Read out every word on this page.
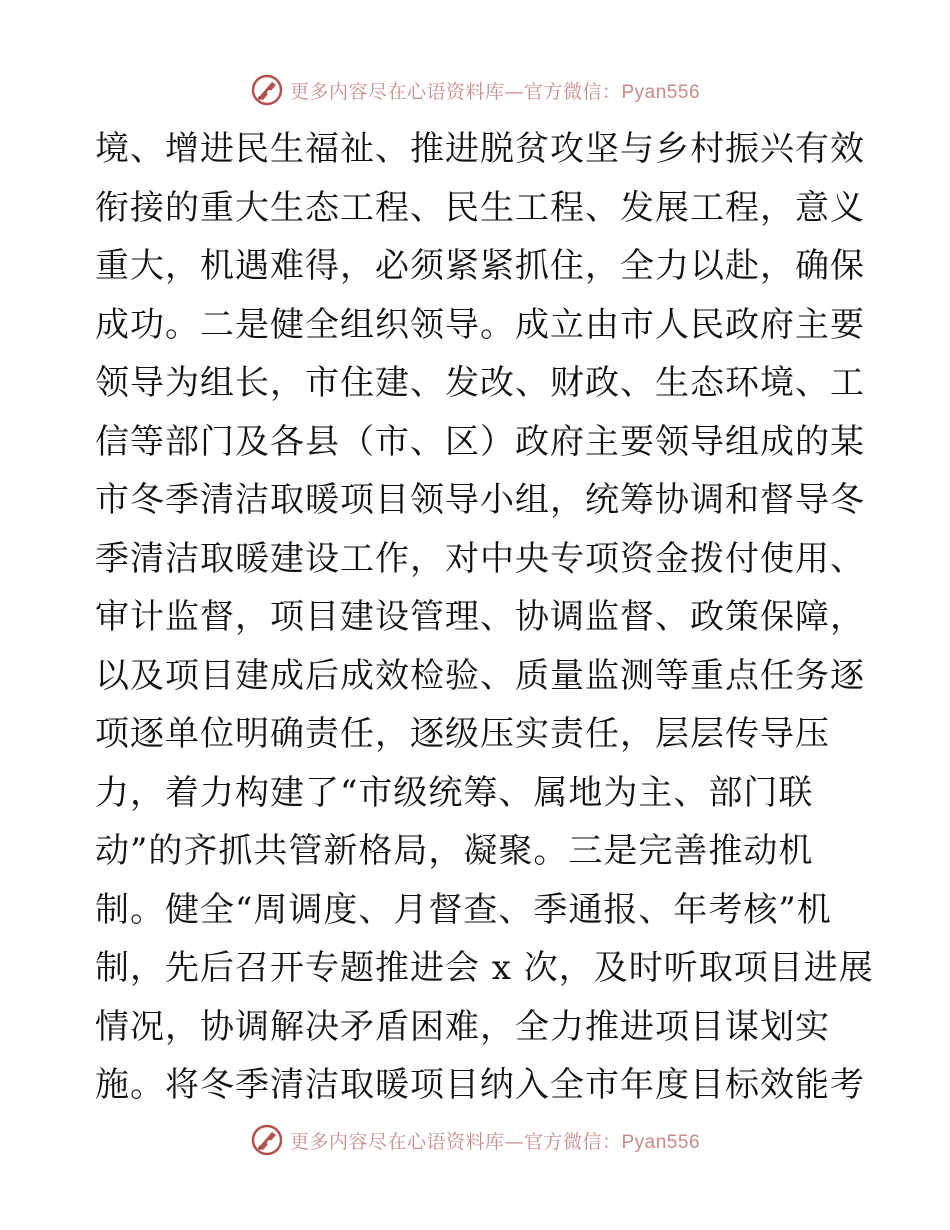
更多内容尽在心语资料库—官方微信：Pyan556
境、增进民生福祉、推进脱贫攻坚与乡村振兴有效
衔接的重大生态工程、民生工程、发展工程，意义
重大，机遇难得，必须紧紧抓住，全力以赴，确保
成功。二是健全组织领导。成立由市人民政府主要
领导为组长，市住建、发改、财政、生态环境、工
信等部门及各县（市、区）政府主要领导组成的某
市冬季清洁取暖项目领导小组，统筹协调和督导冬
季清洁取暖建设工作，对中央专项资金拨付使用、
审计监督，项目建设管理、协调监督、政策保障，
以及项目建成后成效检验、质量监测等重点任务逐
项逐单位明确责任，逐级压实责任，层层传导压
力，着力构建了“市级统筹、属地为主、部门联
动”的齐抓共管新格局，凝聚。三是完善推动机
制。健全“周调度、月督查、季通报、年考核”机
制，先后召开专题推进会 x 次，及时听取项目进展
情况，协调解决矛盾困难，全力推进项目谋划实
施。将冬季清洁取暖项目纳入全市年度目标效能考
更多内容尽在心语资料库—官方微信：Pyan556
